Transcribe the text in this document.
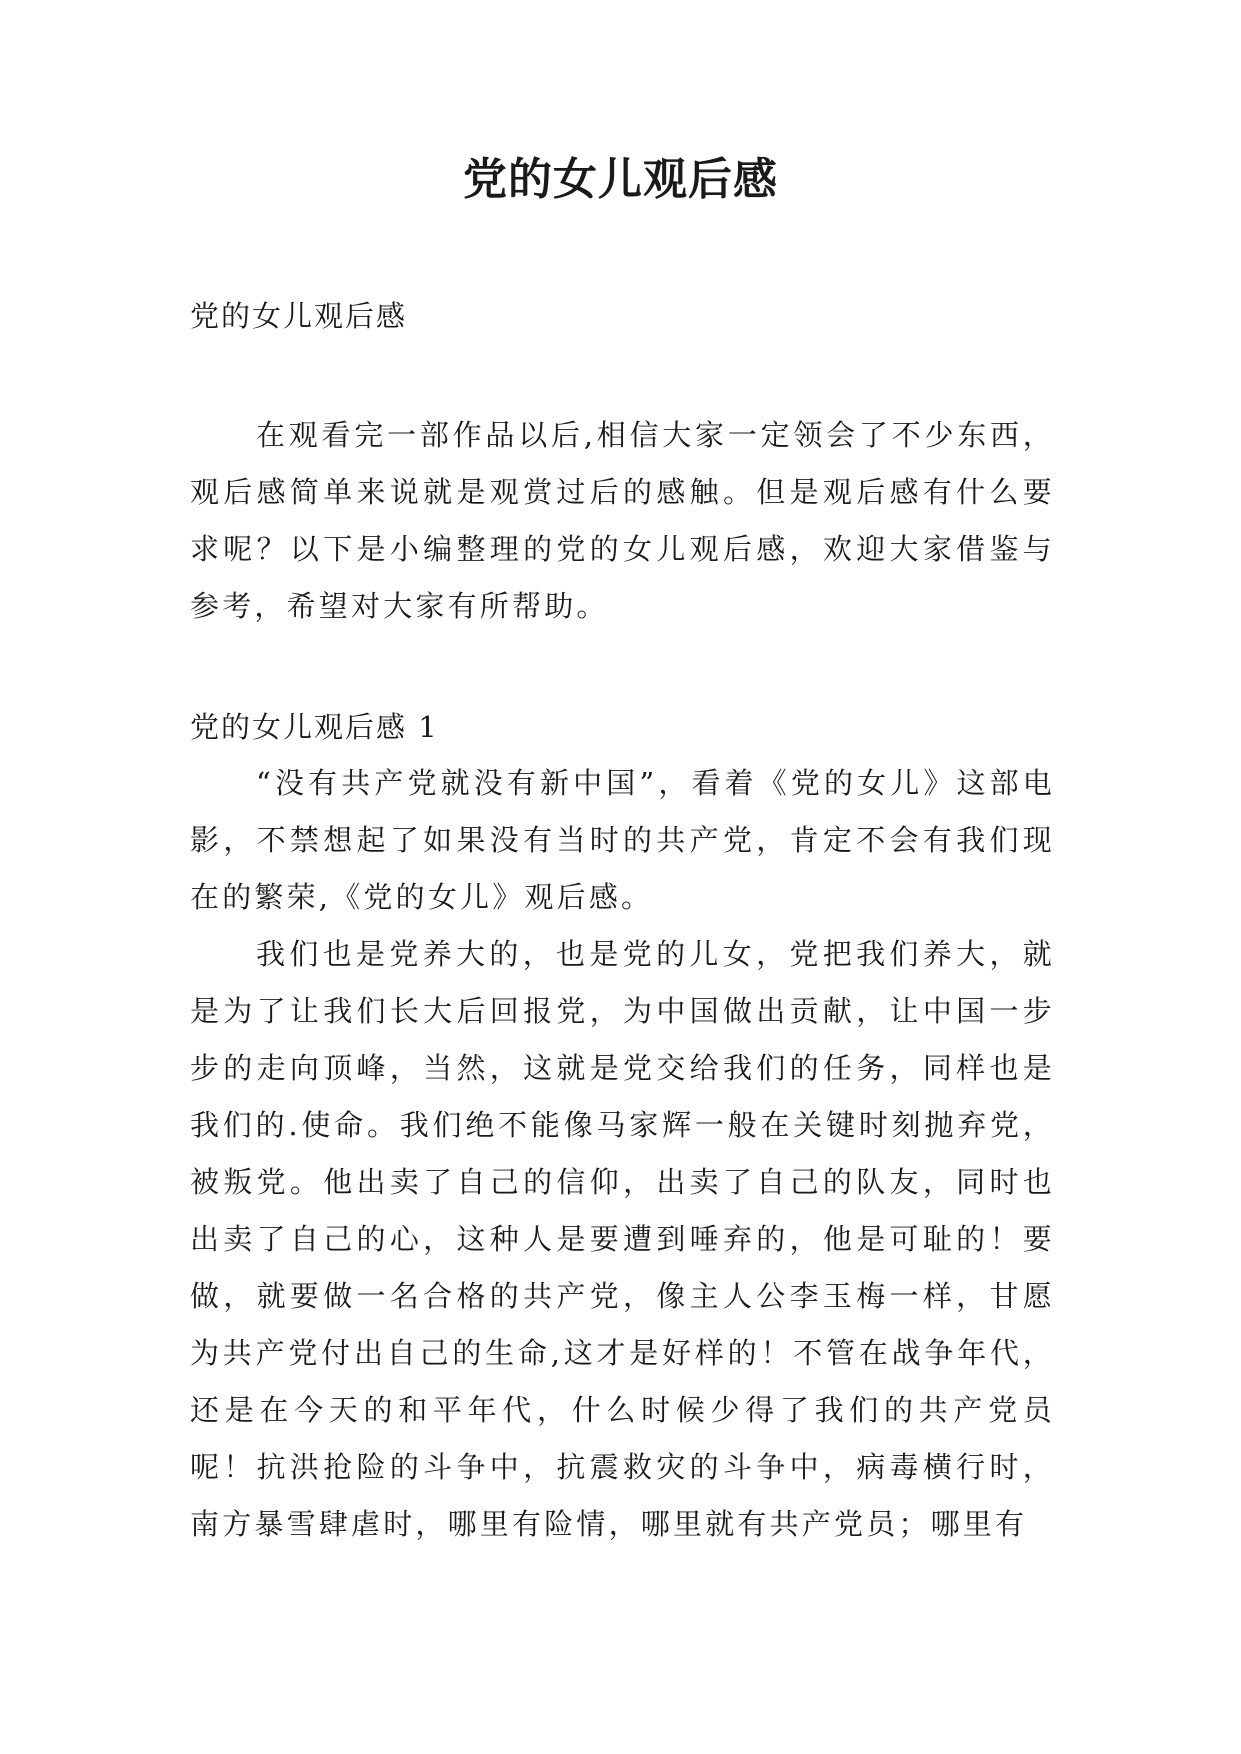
党的女儿观后感
党的女儿观后感

在观看完一部作品以后,相信大家一定领会了不少东西，观后感简单来说就是观赏过后的感触。但是观后感有什么要求呢？以下是小编整理的党的女儿观后感，欢迎大家借鉴与参考，希望对大家有所帮助。

党的女儿观后感 1

“没有共产党就没有新中国”，看着《党的女儿》这部电影，不禁想起了如果没有当时的共产党，肯定不会有我们现在的繁荣,《党的女儿》观后感。

我们也是党养大的，也是党的儿女，党把我们养大，就是为了让我们长大后回报党，为中国做出贡献，让中国一步步的走向顶峰，当然，这就是党交给我们的任务，同样也是我们的.使命。我们绝不能像马家辉一般在关键时刻抛弃党，被叛党。他出卖了自己的信仰，出卖了自己的队友，同时也出卖了自己的心，这种人是要遭到唾弃的，他是可耻的！要做，就要做一名合格的共产党，像主人公李玉梅一样，甘愿为共产党付出自己的生命,这才是好样的！不管在战争年代，还是在今天的和平年代，什么时候少得了我们的共产党员呢！抗洪抢险的斗争中，抗震救灾的斗争中，病毒横行时，南方暴雪肆虐时，哪里有险情，哪里就有共产党员；哪里有
